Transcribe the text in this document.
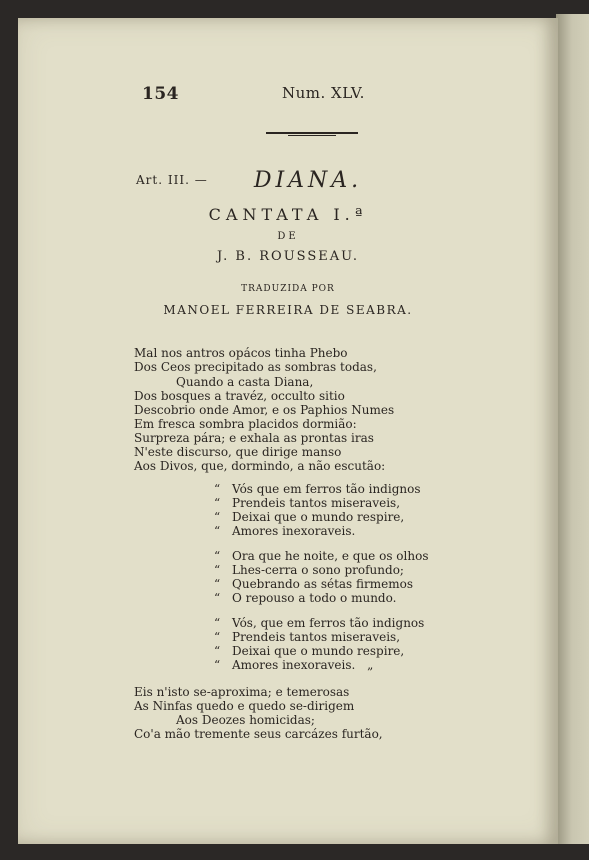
154	Num. XLV.
Art. III. —	DIANA.
CANTATA I.ª
DE
J. B. ROUSSEAU.
TRADUZIDA POR
MANOEL FERREIRA DE SEABRA.
Mal nos antros opácos tinha Phebo
Dos Ceos precipitado as sombras todas,
Quando a casta Diana,
Dos bosques a travéz, occulto sitio
Descobrio onde Amor, e os Paphios Numes
Em fresca sombra placidos dormião:
Surpreza pára; e exhala as prontas iras
N'este discurso, que dirige manso
Aos Divos, que, dormindo, a não escutão:
“ Vós que em ferros tão indignos
“ Prendeis tantos miseraveis,
“ Deixai que o mundo respire,
“ Amores inexoraveis.
“ Ora que he noite, e que os olhos
“ Lhes-cerra o sono profundo;
“ Quebrando as sétas firmemos
“ O repouso a todo o mundo.
“ Vós, que em ferros tão indignos
“ Prendeis tantos miseraveis,
“ Deixai que o mundo respire,
“ Amores inexoraveis. „
Eis n'isto se-aproxima; e temerosas
As Ninfas quedo e quedo se-dirigem
Aos Deozes homicidas;
Co'a mão tremente seus carcázes furtão,
